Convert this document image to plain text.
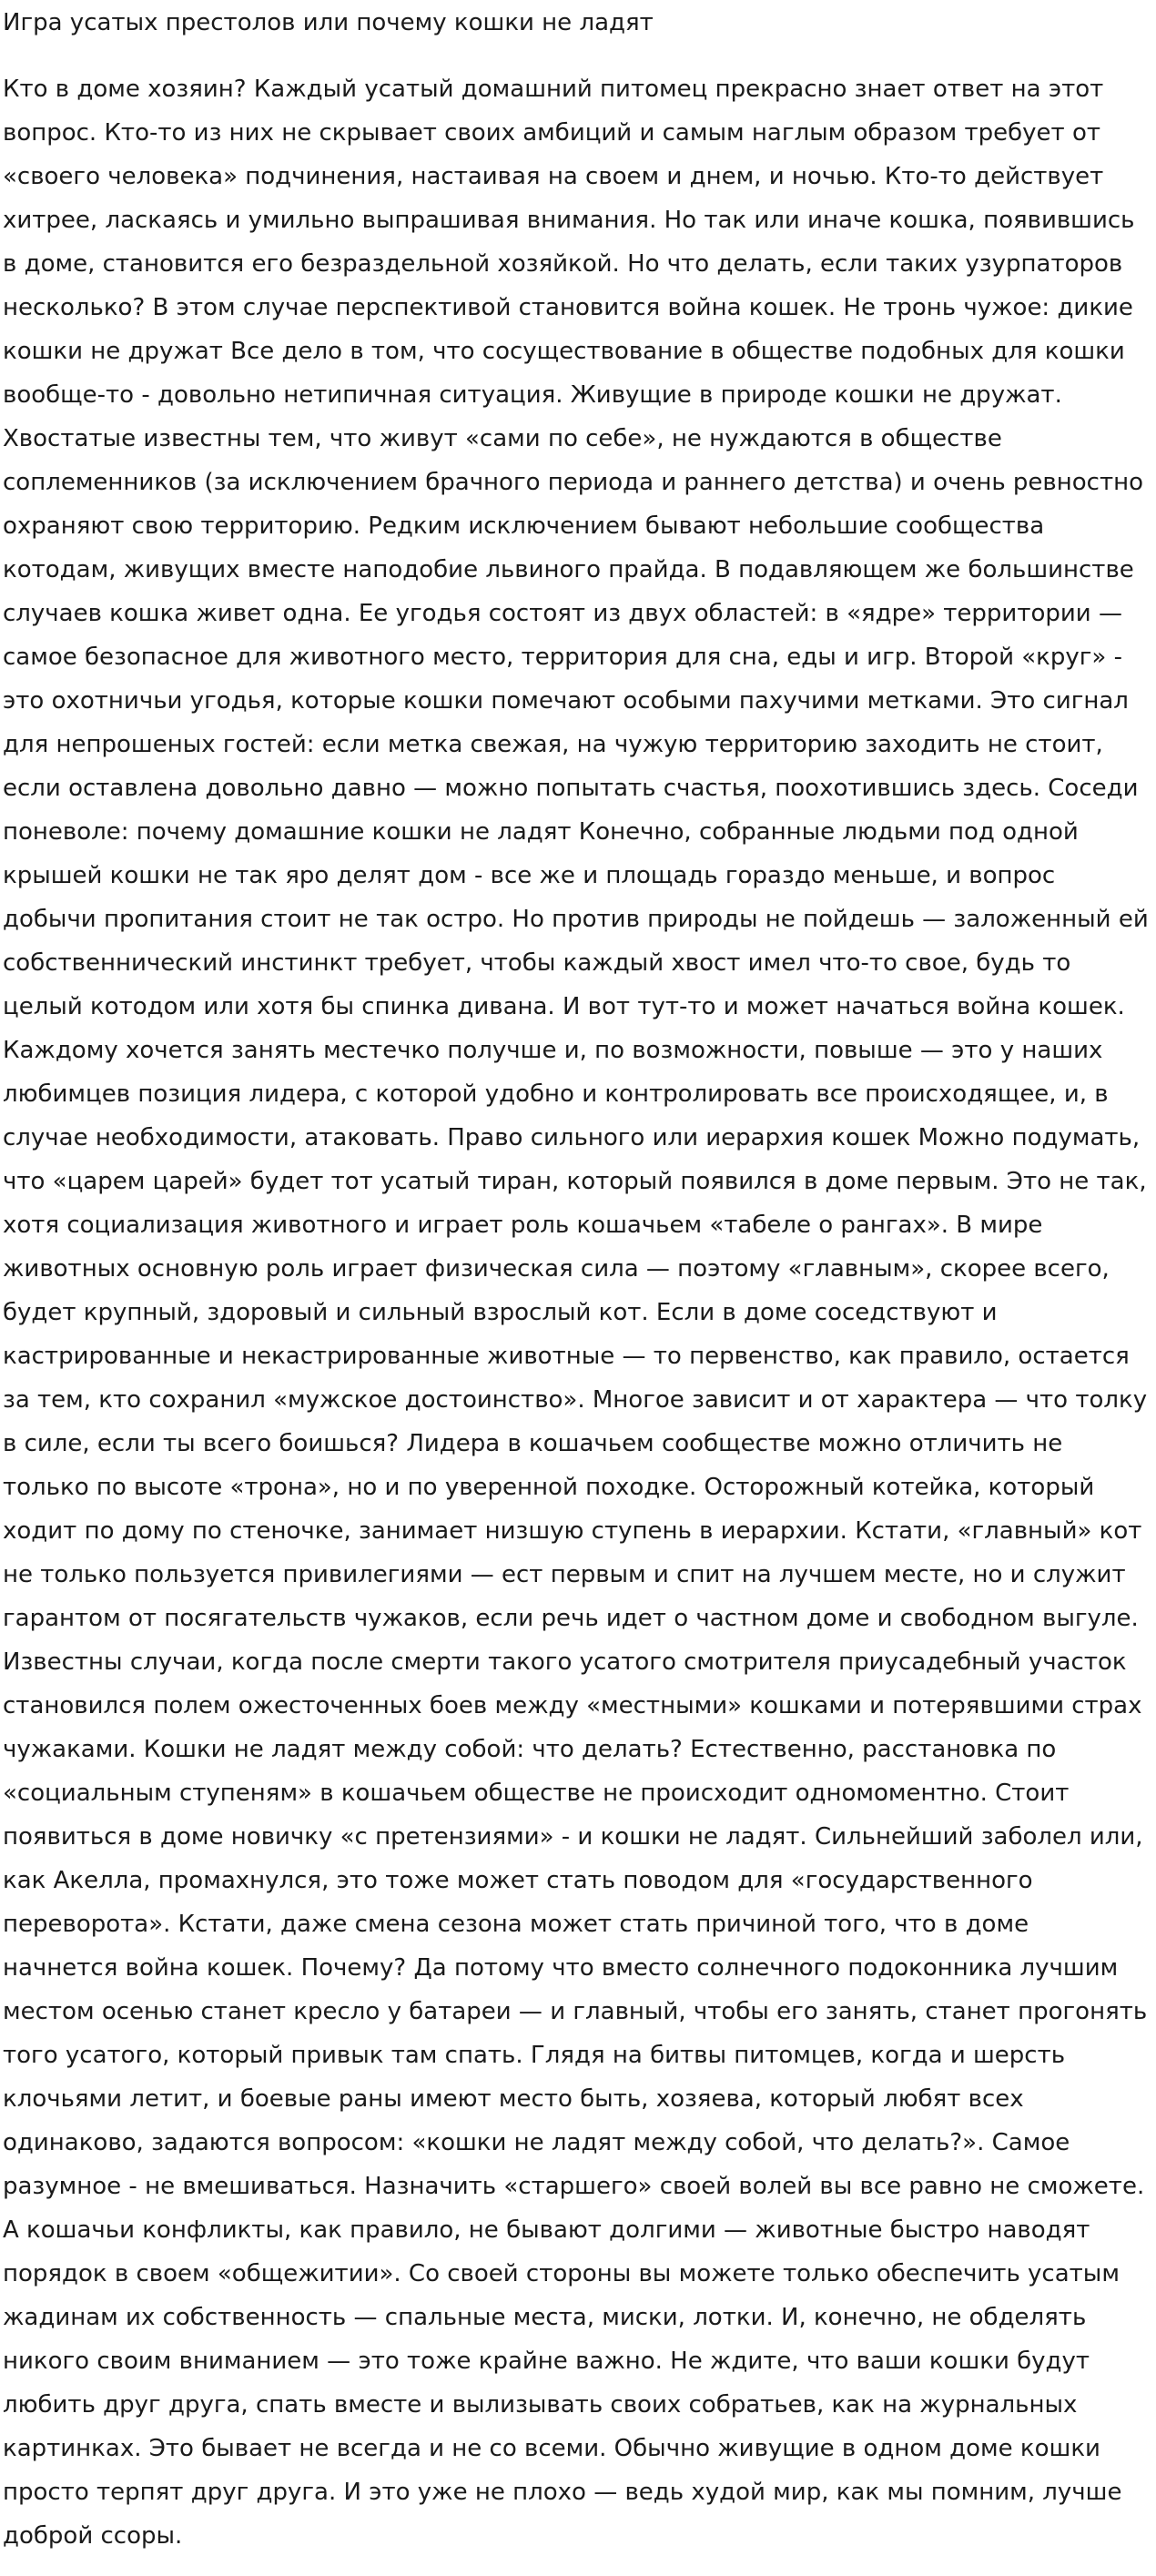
Игра усатых престолов или почему кошки не ладят

Кто в доме хозяин? Каждый усатый домашний питомец прекрасно знает ответ на этот вопрос. Кто-то из них не скрывает своих амбиций и самым наглым образом требует от «своего человека» подчинения, настаивая на своем и днем, и ночью. Кто-то действует хитрее, ласкаясь и умильно выпрашивая внимания. Но так или иначе кошка, появившись в доме, становится его безраздельной хозяйкой. Но что делать, если таких узурпаторов несколько? В этом случае перспективой становится война кошек. Не тронь чужое: дикие кошки не дружат Все дело в том, что сосуществование в обществе подобных для кошки вообще-то - довольно нетипичная ситуация. Живущие в природе кошки не дружат. Хвостатые известны тем, что живут «сами по себе», не нуждаются в обществе соплеменников (за исключением брачного периода и раннего детства) и очень ревностно охраняют свою территорию. Редким исключением бывают небольшие сообщества котодам, живущих вместе наподобие львиного прайда. В подавляющем же большинстве случаев кошка живет одна. Ее угодья состоят из двух областей: в «ядре» территории — самое безопасное для животного место, территория для сна, еды и игр. Второй «круг» - это охотничьи угодья, которые кошки помечают особыми пахучими метками. Это сигнал для непрошеных гостей: если метка свежая, на чужую территорию заходить не стоит, если оставлена довольно давно — можно попытать счастья, поохотившись здесь. Соседи поневоле: почему домашние кошки не ладят Конечно, собранные людьми под одной крышей кошки не так яро делят дом - все же и площадь гораздо меньше, и вопрос добычи пропитания стоит не так остро. Но против природы не пойдешь — заложенный ей собственнический инстинкт требует, чтобы каждый хвост имел что-то свое, будь то целый котодом или хотя бы спинка дивана. И вот тут-то и может начаться война кошек. Каждому хочется занять местечко получше и, по возможности, повыше — это у наших любимцев позиция лидера, с которой удобно и контролировать все происходящее, и, в случае необходимости, атаковать. Право сильного или иерархия кошек Можно подумать, что «царем царей» будет тот усатый тиран, который появился в доме первым. Это не так, хотя социализация животного и играет роль кошачьем «табеле о рангах». В мире животных основную роль играет физическая сила — поэтому «главным», скорее всего, будет крупный, здоровый и сильный взрослый кот. Если в доме соседствуют и кастрированные и некастрированные животные — то первенство, как правило, остается за тем, кто сохранил «мужское достоинство». Многое зависит и от характера — что толку в силе, если ты всего боишься? Лидера в кошачьем сообществе можно отличить не только по высоте «трона», но и по уверенной походке. Осторожный котейка, который ходит по дому по стеночке, занимает низшую ступень в иерархии. Кстати, «главный» кот не только пользуется привилегиями — ест первым и спит на лучшем месте, но и служит гарантом от посягательств чужаков, если речь идет о частном доме и свободном выгуле. Известны случаи, когда после смерти такого усатого смотрителя приусадебный участок становился полем ожесточенных боев между «местными» кошками и потерявшими страх чужаками. Кошки не ладят между собой: что делать? Естественно, расстановка по «социальным ступеням» в кошачьем обществе не происходит одномоментно. Стоит появиться в доме новичку «с претензиями» - и кошки не ладят. Сильнейший заболел или, как Акелла, промахнулся, это тоже может стать поводом для «государственного переворота». Кстати, даже смена сезона может стать причиной того, что в доме начнется война кошек. Почему? Да потому что вместо солнечного подоконника лучшим местом осенью станет кресло у батареи — и главный, чтобы его занять, станет прогонять того усатого, который привык там спать. Глядя на битвы питомцев, когда и шерсть клочьями летит, и боевые раны имеют место быть, хозяева, который любят всех одинаково, задаются вопросом: «кошки не ладят между собой, что делать?». Самое разумное - не вмешиваться. Назначить «старшего» своей волей вы все равно не сможете. А кошачьи конфликты, как правило, не бывают долгими — животные быстро наводят порядок в своем «общежитии». Со своей стороны вы можете только обеспечить усатым жадинам их собственность — спальные места, миски, лотки. И, конечно, не обделять никого своим вниманием — это тоже крайне важно. Не ждите, что ваши кошки будут любить друг друга, спать вместе и вылизывать своих собратьев, как на журнальных картинках. Это бывает не всегда и не со всеми. Обычно живущие в одном доме кошки просто терпят друг друга. И это уже не плохо — ведь худой мир, как мы помним, лучше доброй ссоры.
